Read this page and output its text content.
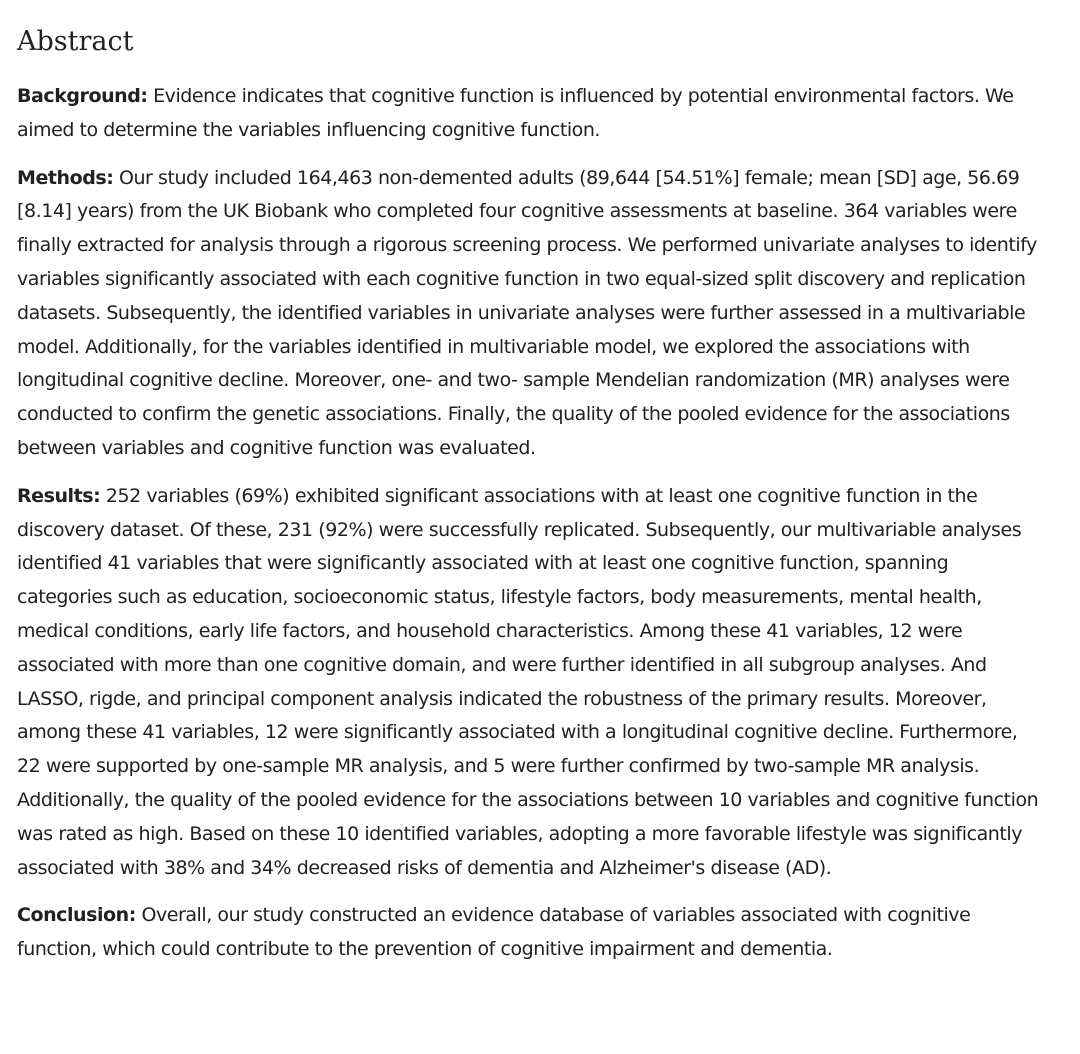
Abstract

Background: Evidence indicates that cognitive function is influenced by potential environmental factors. We aimed to determine the variables influencing cognitive function.

Methods: Our study included 164,463 non-demented adults (89,644 [54.51%] female; mean [SD] age, 56.69 [8.14] years) from the UK Biobank who completed four cognitive assessments at baseline. 364 variables were finally extracted for analysis through a rigorous screening process. We performed univariate analyses to identify variables significantly associated with each cognitive function in two equal-sized split discovery and replication datasets. Subsequently, the identified variables in univariate analyses were further assessed in a multivariable model. Additionally, for the variables identified in multivariable model, we explored the associations with longitudinal cognitive decline. Moreover, one- and two- sample Mendelian randomization (MR) analyses were conducted to confirm the genetic associations. Finally, the quality of the pooled evidence for the associations between variables and cognitive function was evaluated.

Results: 252 variables (69%) exhibited significant associations with at least one cognitive function in the discovery dataset. Of these, 231 (92%) were successfully replicated. Subsequently, our multivariable analyses identified 41 variables that were significantly associated with at least one cognitive function, spanning categories such as education, socioeconomic status, lifestyle factors, body measurements, mental health, medical conditions, early life factors, and household characteristics. Among these 41 variables, 12 were associated with more than one cognitive domain, and were further identified in all subgroup analyses. And LASSO, rigde, and principal component analysis indicated the robustness of the primary results. Moreover, among these 41 variables, 12 were significantly associated with a longitudinal cognitive decline. Furthermore, 22 were supported by one-sample MR analysis, and 5 were further confirmed by two-sample MR analysis. Additionally, the quality of the pooled evidence for the associations between 10 variables and cognitive function was rated as high. Based on these 10 identified variables, adopting a more favorable lifestyle was significantly associated with 38% and 34% decreased risks of dementia and Alzheimer's disease (AD).

Conclusion: Overall, our study constructed an evidence database of variables associated with cognitive function, which could contribute to the prevention of cognitive impairment and dementia.
